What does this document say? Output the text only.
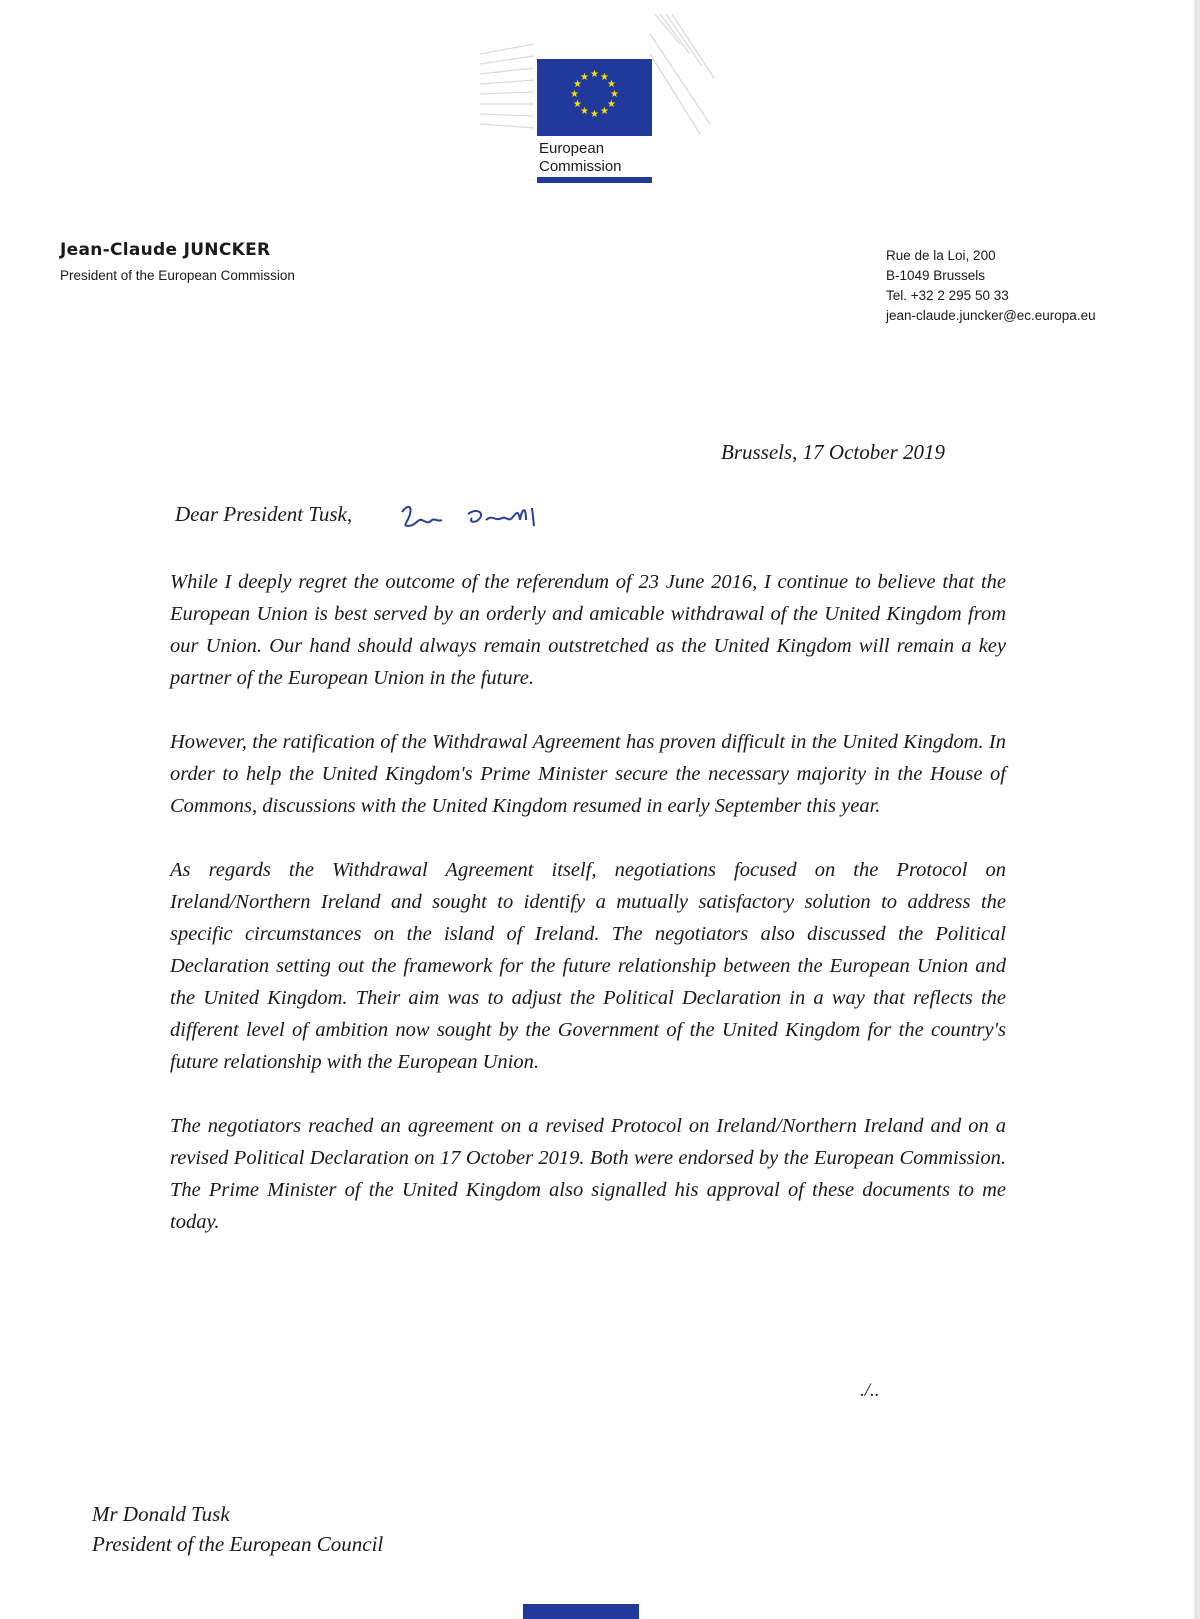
★ ★
★
★
★
★
★
★
★
★
★
★
European
Commission
Jean-Claude JUNCKER
President of the European Commission
Rue de la Loi, 200
B-1049 Brussels
Tel. +32 2 295 50 33
jean-claude.juncker@ec.europa.eu
Brussels, 17 October 2019
Dear President Tusk,

While I deeply regret the outcome of the referendum of 23 June 2016, I continue to believe that the European Union is best served by an orderly and amicable withdrawal of the United Kingdom from our Union. Our hand should always remain outstretched as the United Kingdom will remain a key partner of the European Union in the future.

However, the ratification of the Withdrawal Agreement has proven difficult in the United Kingdom. In order to help the United Kingdom's Prime Minister secure the necessary majority in the House of Commons, discussions with the United Kingdom resumed in early September this year.

As regards the Withdrawal Agreement itself, negotiations focused on the Protocol on Ireland/Northern Ireland and sought to identify a mutually satisfactory solution to address the specific circumstances on the island of Ireland. The negotiators also discussed the Political Declaration setting out the framework for the future relationship between the European Union and the United Kingdom. Their aim was to adjust the Political Declaration in a way that reflects the different level of ambition now sought by the Government of the United Kingdom for the country's future relationship with the European Union.

The negotiators reached an agreement on a revised Protocol on Ireland/Northern Ireland and on a revised Political Declaration on 17 October 2019. Both were endorsed by the European Commission. The Prime Minister of the United Kingdom also signalled his approval of these documents to me today.

./..
Mr Donald Tusk
President of the European Council
